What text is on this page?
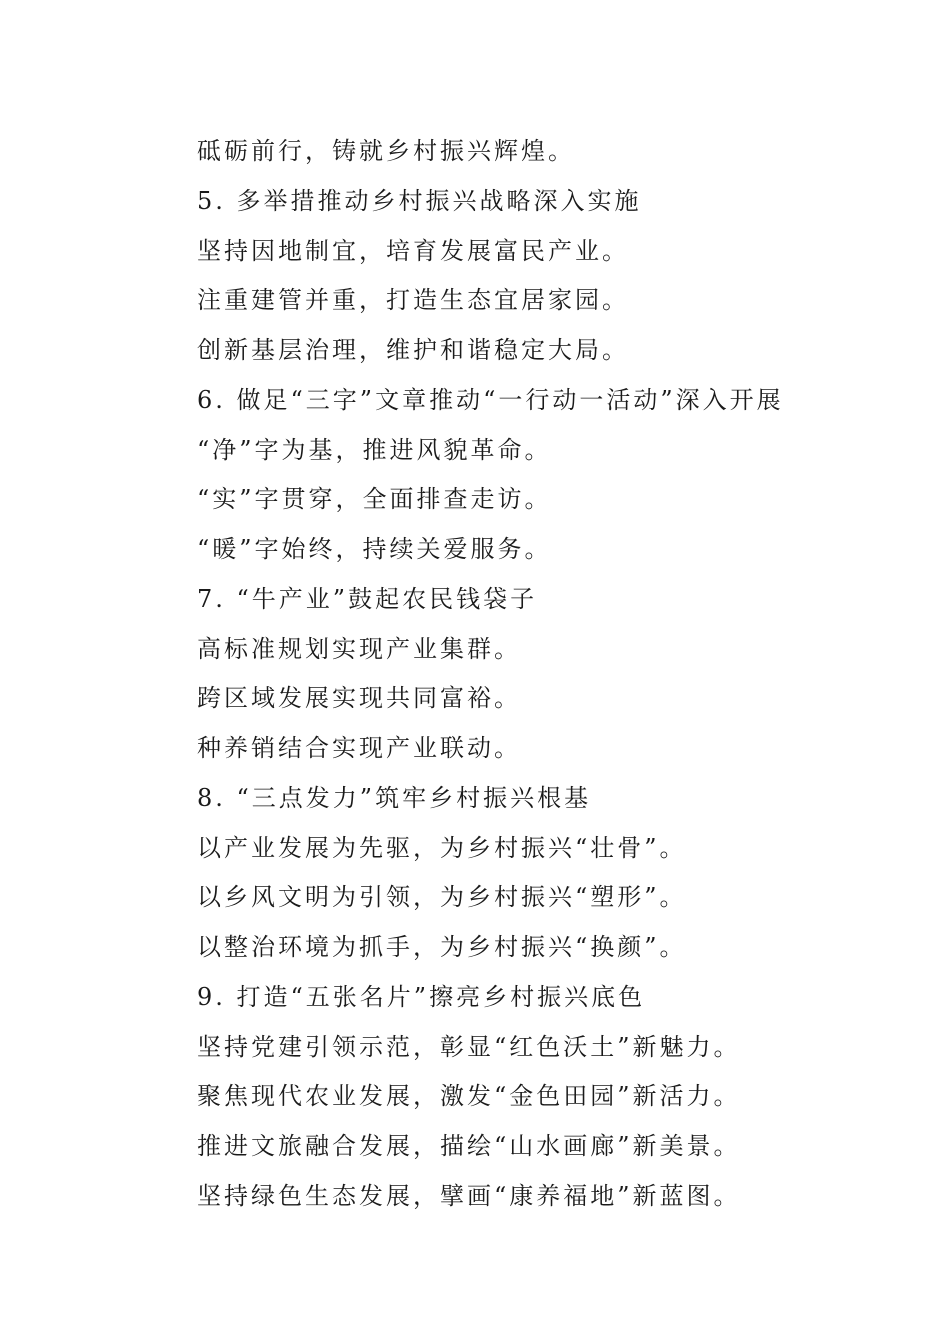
砥砺前行，铸就乡村振兴辉煌。
5. 多举措推动乡村振兴战略深入实施
坚持因地制宜，培育发展富民产业。
注重建管并重，打造生态宜居家园。
创新基层治理，维护和谐稳定大局。
6. 做足“三字”文章推动“一行动一活动”深入开展
“净”字为基，推进风貌革命。
“实”字贯穿，全面排查走访。
“暖”字始终，持续关爱服务。
7. “牛产业”鼓起农民钱袋子
高标准规划实现产业集群。
跨区域发展实现共同富裕。
种养销结合实现产业联动。
8. “三点发力”筑牢乡村振兴根基
以产业发展为先驱，为乡村振兴“壮骨”。
以乡风文明为引领，为乡村振兴“塑形”。
以整治环境为抓手，为乡村振兴“换颜”。
9. 打造“五张名片”擦亮乡村振兴底色
坚持党建引领示范，彰显“红色沃土”新魅力。
聚焦现代农业发展，激发“金色田园”新活力。
推进文旅融合发展，描绘“山水画廊”新美景。
坚持绿色生态发展，擘画“康养福地”新蓝图。
